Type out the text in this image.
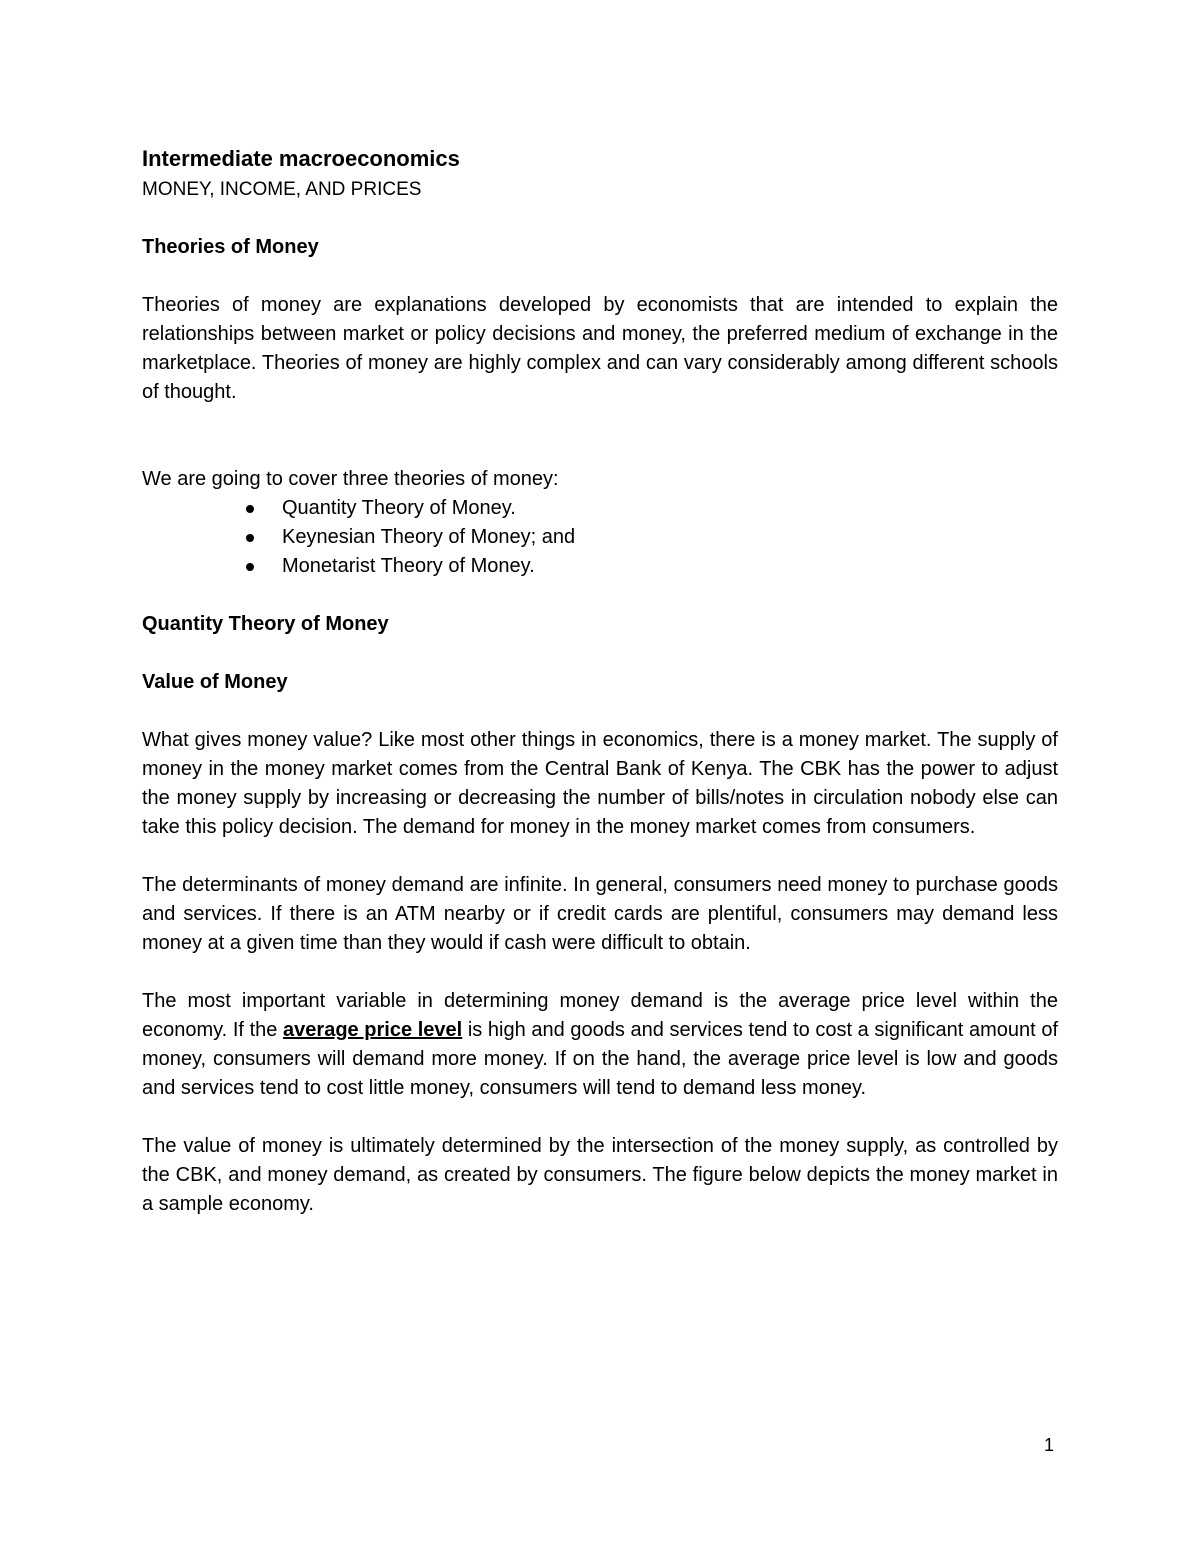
Intermediate macroeconomics

MONEY, INCOME, AND PRICES

Theories of Money

Theories of money are explanations developed by economists that are intended to explain the relationships between market or policy decisions and money, the preferred medium of exchange in the marketplace. Theories of money are highly complex and can vary considerably among different schools of thought.

We are going to cover three theories of money:

Quantity Theory of Money.
Keynesian Theory of Money; and
Monetarist Theory of Money.
Quantity Theory of Money
Value of Money

What gives money value? Like most other things in economics, there is a money market. The supply of money in the money market comes from the Central Bank of Kenya. The CBK has the power to adjust the money supply by increasing or decreasing the number of bills/notes in circulation nobody else can take this policy decision. The demand for money in the money market comes from consumers.

The determinants of money demand are infinite. In general, consumers need money to purchase goods and services. If there is an ATM nearby or if credit cards are plentiful, consumers may demand less money at a given time than they would if cash were difficult to obtain.

The most important variable in determining money demand is the average price level within the economy. If the average price level is high and goods and services tend to cost a significant amount of money, consumers will demand more money. If on the hand, the average price level is low and goods and services tend to cost little money, consumers will tend to demand less money.

The value of money is ultimately determined by the intersection of the money supply, as controlled by the CBK, and money demand, as created by consumers. The figure below depicts the money market in a sample economy.

1
